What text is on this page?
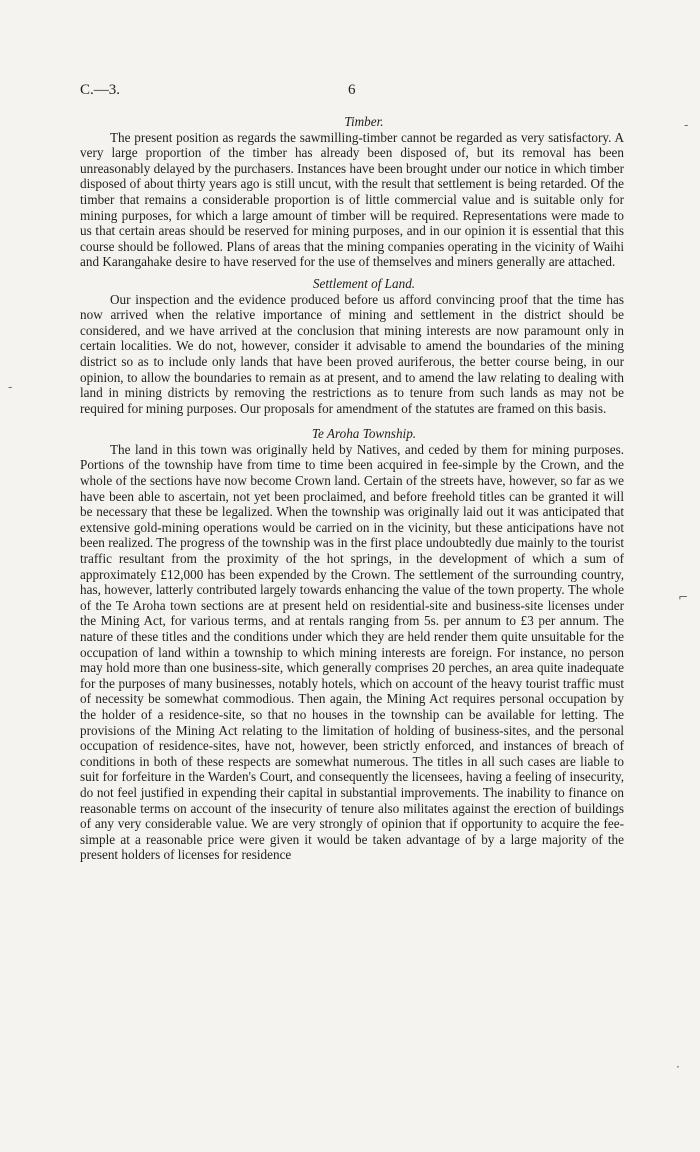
C.—3.	6
Timber.

The present position as regards the sawmilling-timber cannot be regarded as very satisfactory. A very large proportion of the timber has already been disposed of, but its removal has been unreasonably delayed by the purchasers. Instances have been brought under our notice in which timber disposed of about thirty years ago is still uncut, with the result that settlement is being retarded. Of the timber that remains a considerable proportion is of little commercial value and is suitable only for mining purposes, for which a large amount of timber will be required. Representations were made to us that certain areas should be reserved for mining purposes, and in our opinion it is essential that this course should be followed. Plans of areas that the mining companies operating in the vicinity of Waihi and Karangahake desire to have reserved for the use of themselves and miners generally are attached.

Settlement of Land.

Our inspection and the evidence produced before us afford convincing proof that the time has now arrived when the relative importance of mining and settlement in the district should be considered, and we have arrived at the conclusion that mining interests are now paramount only in certain localities. We do not, however, consider it advisable to amend the boundaries of the mining district so as to include only lands that have been proved auriferous, the better course being, in our opinion, to allow the boundaries to remain as at present, and to amend the law relating to dealing with land in mining districts by removing the restrictions as to tenure from such lands as may not be required for mining purposes. Our proposals for amendment of the statutes are framed on this basis.

Te Aroha Township.

The land in this town was originally held by Natives, and ceded by them for mining purposes. Portions of the township have from time to time been acquired in fee-simple by the Crown, and the whole of the sections have now become Crown land. Certain of the streets have, however, so far as we have been able to ascertain, not yet been proclaimed, and before freehold titles can be granted it will be necessary that these be legalized. When the township was originally laid out it was anticipated that extensive gold-mining operations would be carried on in the vicinity, but these anticipations have not been realized. The progress of the township was in the first place undoubtedly due mainly to the tourist traffic resultant from the proximity of the hot springs, in the development of which a sum of approximately £12,000 has been expended by the Crown. The settlement of the surrounding country, has, however, latterly contributed largely towards enhancing the value of the town property. The whole of the Te Aroha town sections are at present held on residential-site and business-site licenses under the Mining Act, for various terms, and at rentals ranging from 5s. per annum to £3 per annum. The nature of these titles and the conditions under which they are held render them quite unsuitable for the occupation of land within a township to which mining interests are foreign. For instance, no person may hold more than one business-site, which generally comprises 20 perches, an area quite inadequate for the purposes of many businesses, notably hotels, which on account of the heavy tourist traffic must of necessity be somewhat commodious. Then again, the Mining Act requires personal occupation by the holder of a residence-site, so that no houses in the township can be available for letting. The provisions of the Mining Act relating to the limitation of holding of business-sites, and the personal occupation of residence-sites, have not, however, been strictly enforced, and instances of breach of conditions in both of these respects are somewhat numerous. The titles in all such cases are liable to suit for forfeiture in the Warden's Court, and consequently the licensees, having a feeling of insecurity, do not feel justified in expending their capital in substantial improvements. The inability to finance on reasonable terms on account of the insecurity of tenure also militates against the erection of buildings of any very considerable value. We are very strongly of opinion that if opportunity to acquire the fee-simple at a reasonable price were given it would be taken advantage of by a large majority of the present holders of licenses for residence

-
-
⌐
·
